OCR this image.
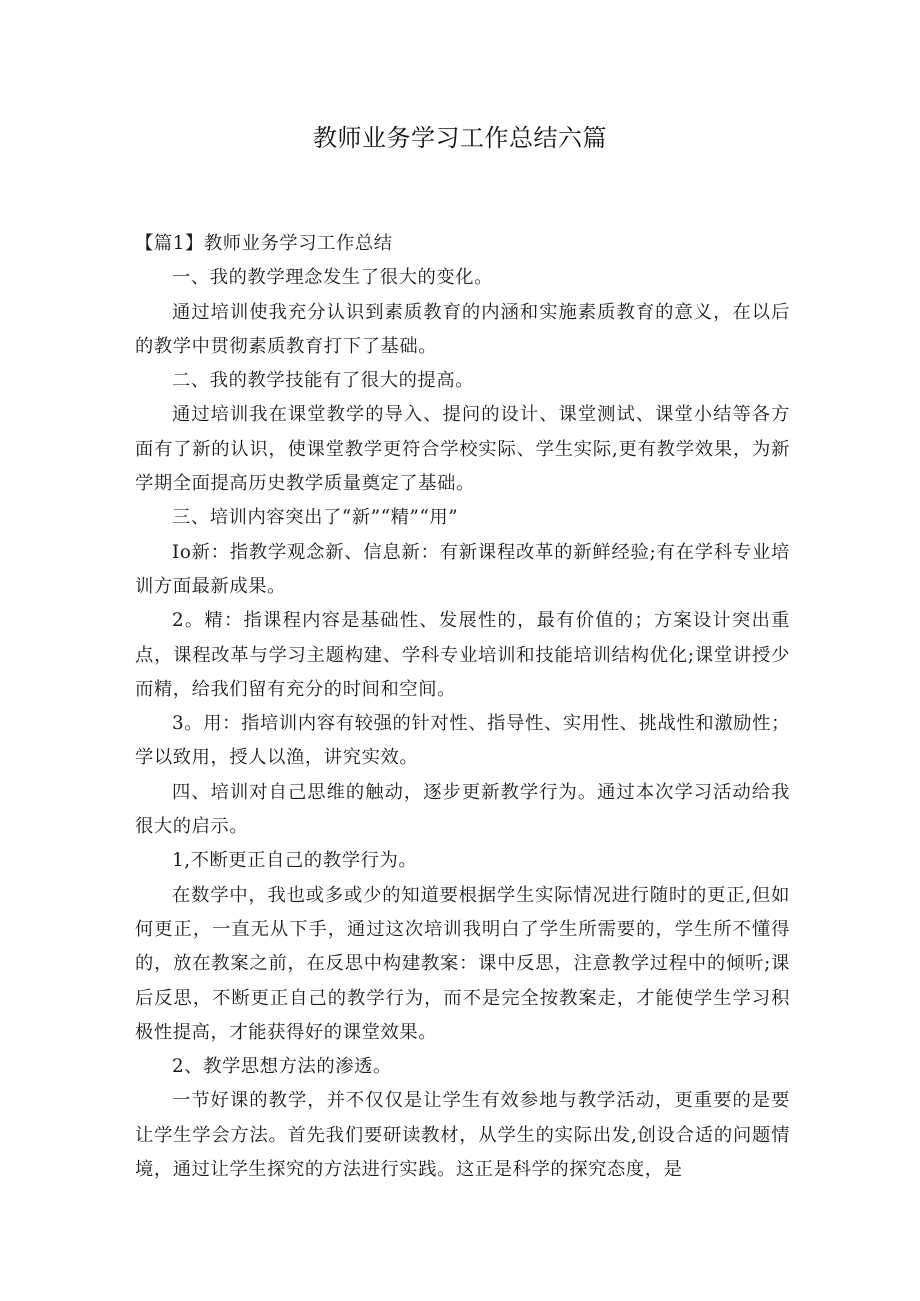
教师业务学习工作总结六篇

【篇1】教师业务学习工作总结

一、我的教学理念发生了很大的变化。

通过培训使我充分认识到素质教育的内涵和实施素质教育的意义，在以后的教学中贯彻素质教育打下了基础。

二、我的教学技能有了很大的提高。

通过培训我在课堂教学的导入、提问的设计、课堂测试、课堂小结等各方面有了新的认识，使课堂教学更符合学校实际、学生实际,更有教学效果，为新学期全面提高历史教学质量奠定了基础。

三、培训内容突出了“新”“精”“用”

Io新：指教学观念新、信息新：有新课程改革的新鲜经验;有在学科专业培训方面最新成果。

2。精：指课程内容是基础性、发展性的，最有价值的；方案设计突出重点，课程改革与学习主题构建、学科专业培训和技能培训结构优化;课堂讲授少而精，给我们留有充分的时间和空间。

3。用：指培训内容有较强的针对性、指导性、实用性、挑战性和激励性；学以致用，授人以渔，讲究实效。

四、培训对自己思维的触动，逐步更新教学行为。通过本次学习活动给我很大的启示。

1,不断更正自己的教学行为。

在数学中，我也或多或少的知道要根据学生实际情况进行随时的更正,但如何更正，一直无从下手，通过这次培训我明白了学生所需要的，学生所不懂得的，放在教案之前，在反思中构建教案：课中反思，注意教学过程中的倾听;课后反思，不断更正自己的教学行为，而不是完全按教案走，才能使学生学习积极性提高，才能获得好的课堂效果。

2、教学思想方法的渗透。

一节好课的教学，并不仅仅是让学生有效参地与教学活动，更重要的是要让学生学会方法。首先我们要研读教材，从学生的实际出发,创设合适的问题情境，通过让学生探究的方法进行实践。这正是科学的探究态度，是
